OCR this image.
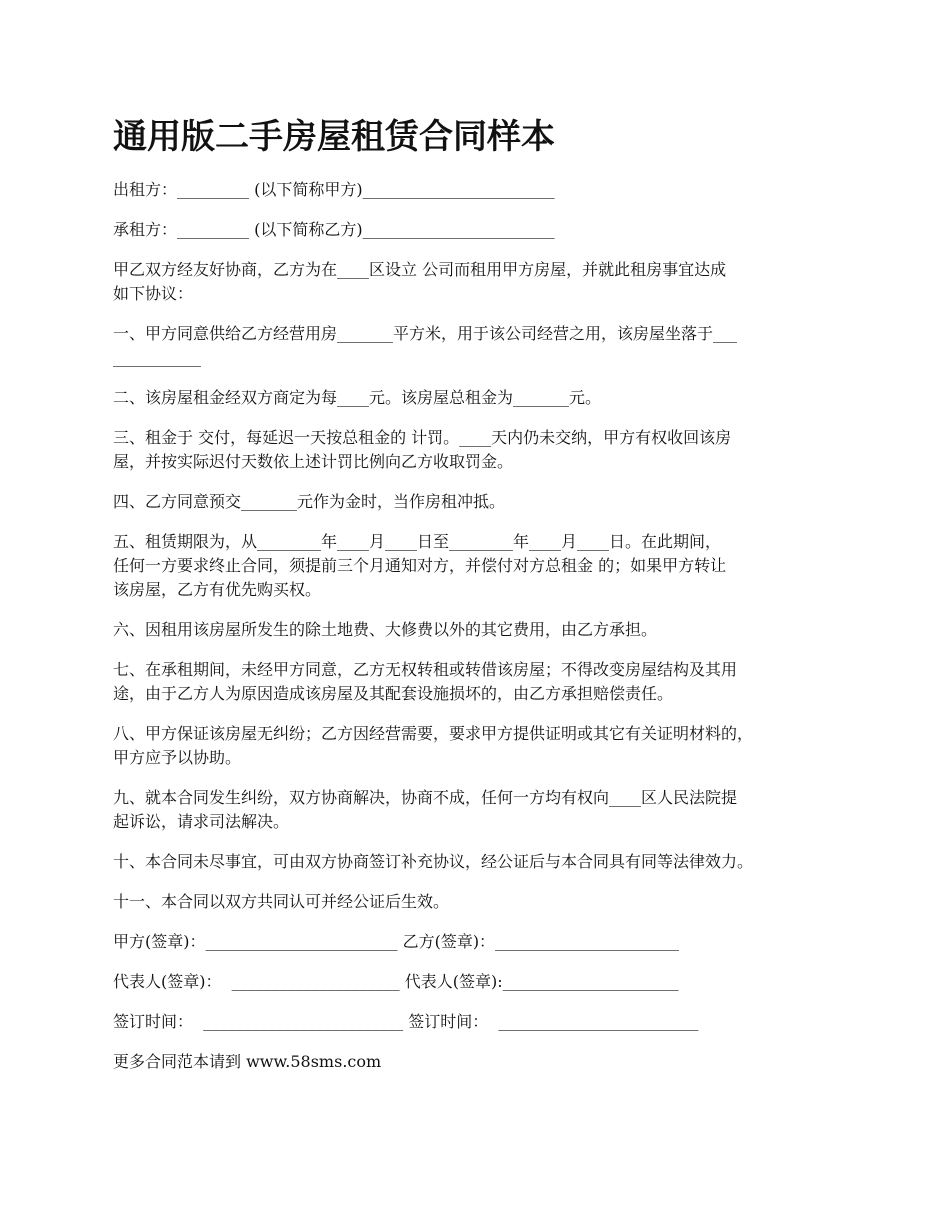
通用版二手房屋租赁合同样本

出租方：_________ (以下简称甲方)________________________

承租方：_________ (以下简称乙方)________________________

甲乙双方经友好协商，乙方为在____区设立 公司而租用甲方房屋，并就此租房事宜达成
如下协议：

一、甲方同意供给乙方经营用房_______平方米，用于该公司经营之用，该房屋坐落于___
___________

二、该房屋租金经双方商定为每____元。该房屋总租金为_______元。

三、租金于 交付，每延迟一天按总租金的 计罚。____天内仍未交纳，甲方有权收回该房
屋，并按实际迟付天数依上述计罚比例向乙方收取罚金。

四、乙方同意预交_______元作为金时，当作房租冲抵。

五、租赁期限为，从________年____月____日至________年____月____日。在此期间，
任何一方要求终止合同，须提前三个月通知对方，并偿付对方总租金 的；如果甲方转让
该房屋，乙方有优先购买权。

六、因租用该房屋所发生的除土地费、大修费以外的其它费用，由乙方承担。

七、在承租期间，未经甲方同意，乙方无权转租或转借该房屋；不得改变房屋结构及其用
途，由于乙方人为原因造成该房屋及其配套设施损坏的，由乙方承担赔偿责任。

八、甲方保证该房屋无纠纷；乙方因经营需要，要求甲方提供证明或其它有关证明材料的，
甲方应予以协助。

九、就本合同发生纠纷，双方协商解决，协商不成，任何一方均有权向____区人民法院提
起诉讼，请求司法解决。

十、本合同未尽事宜，可由双方协商签订补充协议，经公证后与本合同具有同等法律效力。

十一、本合同以双方共同认可并经公证后生效。

甲方(签章)：________________________ 乙方(签章)：_______________________

代表人(签章)：  _____________________ 代表人(签章):______________________

签订时间：  _________________________ 签订时间：  _________________________

更多合同范本请到 www.58sms.com
